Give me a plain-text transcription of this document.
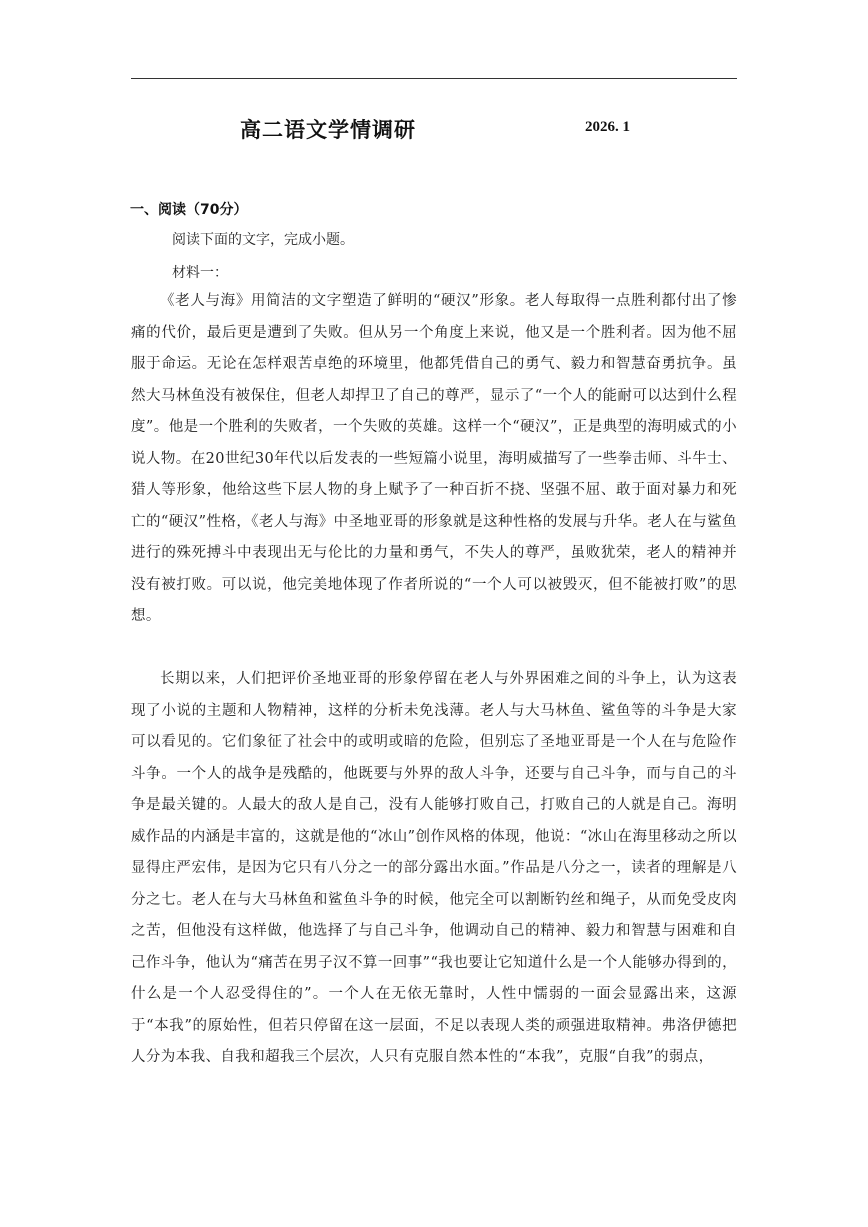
高二语文学情调研	2026. 1
一、阅读（70分）
阅读下面的文字，完成小题。
材料一：

《老人与海》用简洁的文字塑造了鲜明的“硬汉”形象。老人每取得一点胜利都付出了惨痛的代价，最后更是遭到了失败。但从另一个角度上来说，他又是一个胜利者。因为他不屈服于命运。无论在怎样艰苦卓绝的环境里，他都凭借自己的勇气、毅力和智慧奋勇抗争。虽然大马林鱼没有被保住，但老人却捍卫了自己的尊严，显示了“一个人的能耐可以达到什么程度”。他是一个胜利的失败者，一个失败的英雄。这样一个“硬汉”，正是典型的海明威式的小说人物。在20世纪30年代以后发表的一些短篇小说里，海明威描写了一些拳击师、斗牛士、猎人等形象，他给这些下层人物的身上赋予了一种百折不挠、坚强不屈、敢于面对暴力和死亡的“硬汉”性格，《老人与海》中圣地亚哥的形象就是这种性格的发展与升华。老人在与鲨鱼进行的殊死搏斗中表现出无与伦比的力量和勇气，不失人的尊严，虽败犹荣，老人的精神并没有被打败。可以说，他完美地体现了作者所说的“一个人可以被毁灭，但不能被打败”的思想。

长期以来，人们把评价圣地亚哥的形象停留在老人与外界困难之间的斗争上，认为这表现了小说的主题和人物精神，这样的分析未免浅薄。老人与大马林鱼、鲨鱼等的斗争是大家可以看见的。它们象征了社会中的或明或暗的危险，但别忘了圣地亚哥是一个人在与危险作斗争。一个人的战争是残酷的，他既要与外界的敌人斗争，还要与自己斗争，而与自己的斗争是最关键的。人最大的敌人是自己，没有人能够打败自己，打败自己的人就是自己。海明威作品的内涵是丰富的，这就是他的“冰山”创作风格的体现，他说：“冰山在海里移动之所以显得庄严宏伟，是因为它只有八分之一的部分露出水面。”作品是八分之一，读者的理解是八分之七。老人在与大马林鱼和鲨鱼斗争的时候，他完全可以割断钓丝和绳子，从而免受皮肉之苦，但他没有这样做，他选择了与自己斗争，他调动自己的精神、毅力和智慧与困难和自己作斗争，他认为“痛苦在男子汉不算一回事”“我也要让它知道什么是一个人能够办得到的，什么是一个人忍受得住的”。一个人在无依无靠时，人性中懦弱的一面会显露出来，这源于“本我”的原始性，但若只停留在这一层面，不足以表现人类的顽强进取精神。弗洛伊德把人分为本我、自我和超我三个层次，人只有克服自然本性的“本我”，克服“自我”的弱点，
